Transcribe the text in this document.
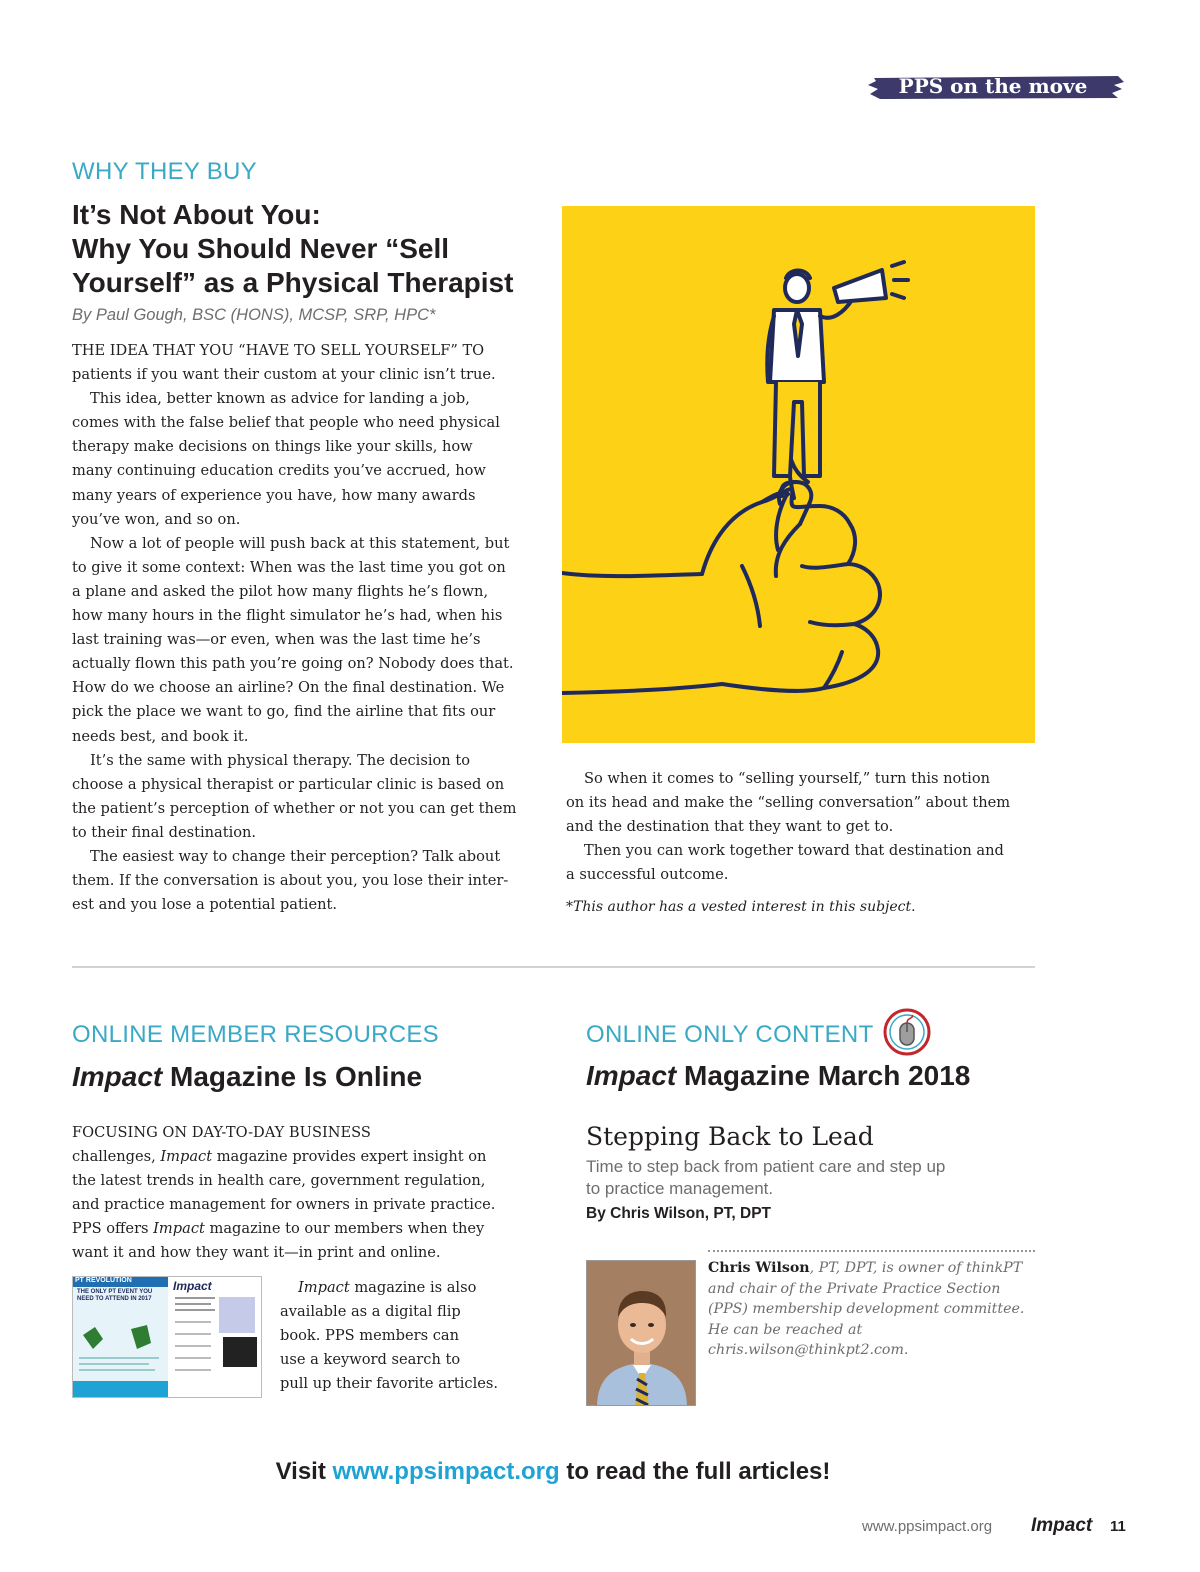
PPS on the move
WHY THEY BUY
It’s Not About You:
Why You Should Never “Sell
Yourself” as a Physical Therapist
By Paul Gough, BSC (HONS), MCSP, SRP, HPC*

THE IDEA THAT YOU “HAVE TO SELL YOURSELF” TO
patients if you want their custom at your clinic isn’t true.

This idea, better known as advice for landing a job,
comes with the false belief that people who need physical
therapy make decisions on things like your skills, how
many continuing education credits you’ve accrued, how
many years of experience you have, how many awards
you’ve won, and so on.

Now a lot of people will push back at this statement, but
to give it some context: When was the last time you got on
a plane and asked the pilot how many flights he’s flown,
how many hours in the flight simulator he’s had, when his
last training was—or even, when was the last time he’s
actually flown this path you’re going on? Nobody does that.
How do we choose an airline? On the final destination. We
pick the place we want to go, find the airline that fits our
needs best, and book it.

It’s the same with physical therapy. The decision to
choose a physical therapist or particular clinic is based on
the patient’s perception of whether or not you can get them
to their final destination.

The easiest way to change their perception? Talk about
them. If the conversation is about you, you lose their inter-
est and you lose a potential patient.

So when it comes to “selling yourself,” turn this notion
on its head and make the “selling conversation” about them
and the destination that they want to get to.

Then you can work together toward that destination and
a successful outcome.

*This author has a vested interest in this subject.
ONLINE MEMBER RESOURCES
Impact Magazine Is Online
FOCUSING ON DAY-TO-DAY BUSINESS
challenges, Impact magazine provides expert insight on
the latest trends in health care, government regulation,
and practice management for owners in private practice.
PPS offers Impact magazine to our members when they
want it and how they want it—in print and online.
PT REVOLUTION
THE ONLY PT EVENT YOU NEED TO ATTEND IN 2017
Impact	Impact magazine is also
available as a digital flip
book. PPS members can
use a keyword search to
pull up their favorite articles.
ONLINE ONLY CONTENT
Impact Magazine March 2018
Stepping Back to Lead
Time to step back from patient care and step up to practice management.
By Chris Wilson, PT, DPT
Chris Wilson, PT, DPT, is owner of thinkPT and chair of the Private Practice Section (PPS) membership development committee. He can be reached at chris.wilson@thinkpt2.com.
Visit www.ppsimpact.org to read the full articles!
www.ppsimpact.org Impact 11
